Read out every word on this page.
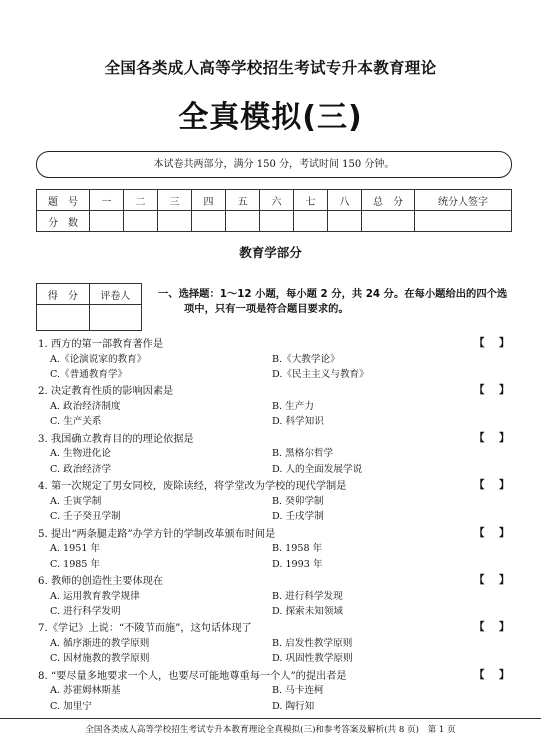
全国各类成人高等学校招生考试专升本教育理论
全真模拟(三)
本试卷共两部分，满分 150 分，考试时间 150 分钟。
题　号	一	二	三	四	五	六	七	八	总　分	统分人签字
分　数										
教育学部分
得　分	评卷人
		一、选择题：1～12 小题，每小题 2 分，共 24 分。在每小题给出的四个选
项中，只有一项是符合题目要求的。
1. 西方的第一部教育著作是	【　】
A.《论演说家的教育》	B.《大教学论》
C.《普通教育学》	D.《民主主义与教育》
2. 决定教育性质的影响因素是	【　】
A. 政治经济制度	B. 生产力
C. 生产关系	D. 科学知识
3. 我国确立教育目的的理论依据是	【　】
A. 生物进化论	B. 黑格尔哲学
C. 政治经济学	D. 人的全面发展学说
4. 第一次规定了男女同校，废除读经，将学堂改为学校的现代学制是	【　】
A. 壬寅学制	B. 癸卯学制
C. 壬子癸丑学制	D. 壬戌学制
5. 提出“两条腿走路”办学方针的学制改革颁布时间是	【　】
A. 1951 年	B. 1958 年
C. 1985 年	D. 1993 年
6. 教师的创造性主要体现在	【　】
A. 运用教育教学规律	B. 进行科学发现
C. 进行科学发明	D. 探索未知领域
7.《学记》上说：“不陵节而施”，这句话体现了	【　】
A. 循序渐进的教学原则	B. 启发性教学原则
C. 因材施教的教学原则	D. 巩固性教学原则
8. “要尽量多地要求一个人，也要尽可能地尊重每一个人”的提出者是	【　】
A. 苏霍姆林斯基	B. 马卡连柯
C. 加里宁	D. 陶行知
全国各类成人高等学校招生考试专升本教育理论全真模拟(三)和参考答案及解析(共 8 页)　第 1 页
